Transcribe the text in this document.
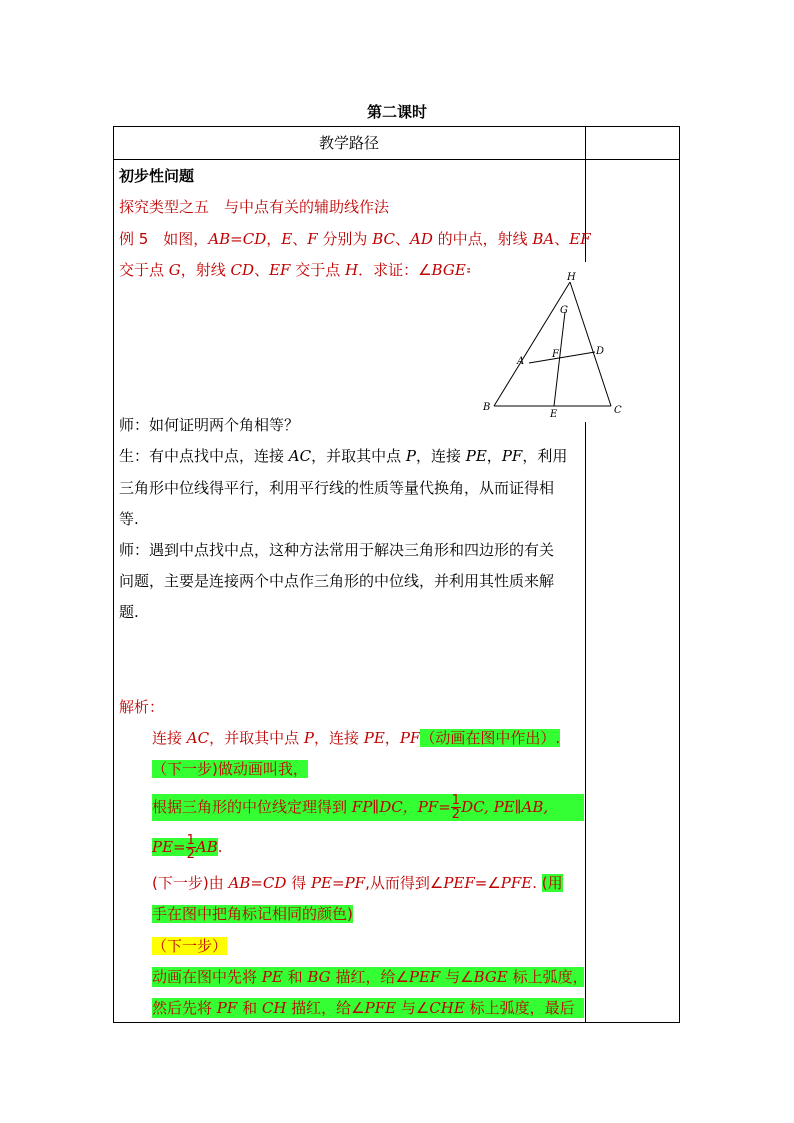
第二课时
教学路径
初步性问题
探究类型之五　与中点有关的辅助线作法
例 5　如图，AB=CD，E、F 分别为 BC、AD 的中点，射线 BA、EF
交于点 G，射线 CD、EF 交于点 H．求证：∠BGE=∠CHE． H
G
A
F	D
B
E	C
师：如何证明两个角相等？
生：有中点找中点，连接 AC，并取其中点 P，连接 PE，PF，利用
三角形中位线得平行，利用平行线的性质等量代换角，从而证得相
等.
师：遇到中点找中点，这种方法常用于解决三角形和四边形的有关
问题，主要是连接两个中点作三角形的中位线，并利用其性质来解
题.
解析：
连接 AC，并取其中点 P，连接 PE，PF（动画在图中作出）.
（下一步)做动画叫我，
根据三角形的中位线定理得到 FP∥DC，$PF= \frac{1}{2}$ DC, PE∥AB,
$PE= \frac{1}{2}$ AB.
(下一步)由 AB=CD 得 PE=PF,从而得到∠PEF=∠PFE. (用
手在图中把角标记相同的颜色)
（下一步）
动画在图中先将 PE 和 BG 描红，给∠PEF 与∠BGE 标上弧度，
然后先将 PF 和 CH 描红，给∠PFE 与∠CHE 标上弧度，最后
